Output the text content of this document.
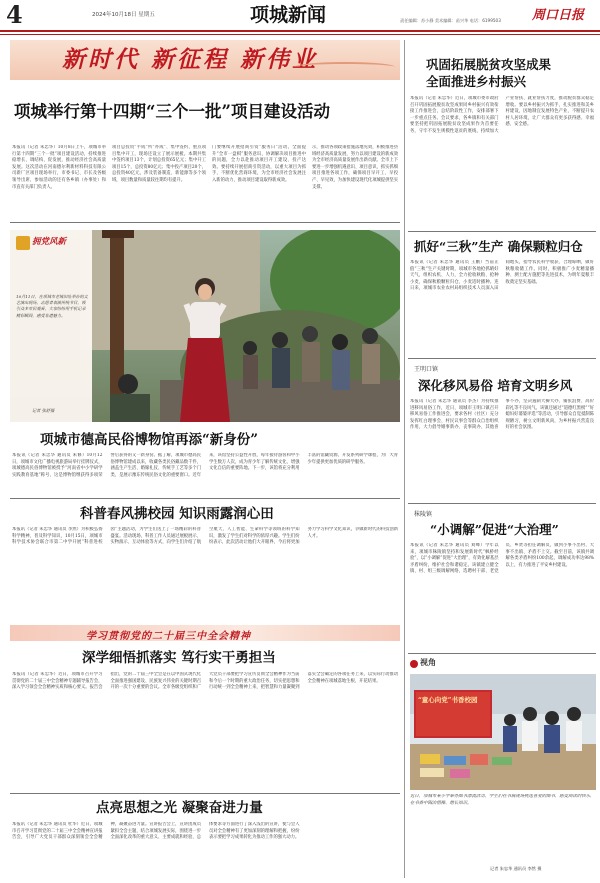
4	2024年10月18日 星期五	项城新闻	责任编辑：苏小静 美术编辑：苗兴华 电话：6199503 周口日报
新时代 新征程 新伟业
项城举行第十四期“三个一批”项目建设活动
本报讯（记者 朱忠华）10月8日上午，项城市举行第十四期“三个一批”项目建设活动，持续推进稳增长、调结构、促发展，推动经济社会高质量发展。这次活动在河南德尔利新材料科技有限公司新厂区项目现场举行，市委书记、市长及各级领导出席，参加活动的还有各乡镇（办事处）和市直有关部门负责人。
项目总投资“半成”所“办成”、集中签约、重点项目集中开工，现场还设立了展示展板。本期共集中签约项目13个，计划总投资65亿元；集中开工项目15个，总投资80亿元；集中投产项目20个，总投资40亿元，涉及装备制造、新能源等多个领域，项目数量和质量较往期均有提升。
门要继续开展招商引资“服务日”活动，全面提升“全市一盘棋”服务意识，协调解决项目推进中的问题，全力以赴推动项目开工建设、投产达效。要持续开展招商引资活动，以重大项目为抓手，不断优化营商环境，为全市经济社会发展注入新的动力，推动项目建设取得新成效。
示，推动各项政策措施落地见效，积极推进县域经济高质量发展，努力以项目建设的新成效为全市经济高质量发展作出新贡献。全市上下要进一步增强机遇意识、项目意识，抓实抓细项目推进各项工作，确保项目早开工、早投产、早见效，为加快建设现代化项城提供坚实支撑。
拥党风新
10月11日，在项城市老城旧址举办的文艺演出现场，志愿者表演传统节目，吸引众多市民观看，大家纷纷用手机记录精彩瞬间，感受非遗魅力。
记者 张舒摄
项城市德高民俗博物馆再添“新身份”
本报讯（记者 朱忠华 通讯员 朱修）10月12日，项城市文化广播电视旅游局举行挂牌仪式，项城德高民俗博物馆被授予“河南省中小学研学实践教育基地”称号，这是博物馆继获得多项荣誉后获得的又一新身份。据了解，项城市德高民俗博物馆建成以来，收藏各类民俗藏品数千件，涵盖生产生活、婚嫁礼仪、传统手工艺等多个门类，是展示豫东传统民俗文化的重要窗口。近年来，该馆坚持公益性开放，每年接待游客和中小学生数万人次，成为青少年了解传统文化、增强文化自信的重要阵地。下一步，该馆将充分利用丰富的馆藏资源，开发系列研学课程，为广大青少年提供更加优质的研学服务。
科普春风拂校园 知识雨露润心田
本报讯（记者 朱忠华 通讯员 李然）为积极弘扬科学精神，普及科学知识，10月15日，项城市科学技术协会联合市第二中学开展“科普进校园”主题活动，为学生们送上了一场精彩的科普盛宴。活动现场，科普工作人员通过展板展示、实物演示、互动体验等方式，向学生们介绍了航空航天、人工智能、生命科学等领域的科学知识，激发了学生们对科学的浓厚兴趣。学生们纷纷表示，此次活动让他们大开眼界，今后将更加努力学习科学文化知识，争做新时代的科技创新人才。
学习贯彻党的二十届三中全会精神
深学细悟抓落实 笃行实干勇担当
本报讯（记者 朱忠华）近日，项城市召开学习贯彻党的二十届三中全会精神专题辅导报告会，深入学习领会全会精神实质和核心要义。报告会指出，党的二十届三中全会是在以中国式现代化全面推进强国建设、民族复兴伟业的关键时期召开的一次十分重要的会议。全市各级党组织和广大党员干部要把学习宣传贯彻全会精神作为当前和今后一个时期的重大政治任务，切实把思想和行动统一到全会精神上来，把智慧和力量凝聚到落实全会确定的各项任务上来，以实际行动推动全会精神在项城落地生根、开花结果。
点亮思想之光 凝聚奋进力量
本报讯（记者 朱忠华 通讯员 杜华）近日，项城市召开学习贯彻党的二十届三中全会精神宣讲报告会，引导广大党员干部群众深刻领会全会精神，凝聚奋进力量。宣讲报告会上，宣讲团成员紧扣全会主题，结合项城发展实际，围绕进一步全面深化改革的重大意义、主要成就和经验、总体要求等方面进行了深入浅出的宣讲，使与会人员对全会精神有了更加深刻的理解和把握，纷纷表示要把学习成果转化为推动工作的强大动力。
巩固拓展脱贫攻坚成果
全面推进乡村振兴
本报讯（记者 朱忠华）近日，项城市委市政府召开巩固拓展脱贫攻坚成果同乡村振兴有效衔接工作推进会，总结阶段性工作，安排部署下一步重点任务。会议要求，各乡镇和有关部门要坚持把巩固拓展脱贫攻坚成果作为首要任务，守牢不发生规模性返贫的底线，持续加大产业帮扶、就业帮扶力度，推动脱贫群众稳定增收。要以乡村振兴为抓手，扎实推进和美乡村建设，因地制宜发展特色产业，不断提升农村人居环境，让广大群众有更多获得感、幸福感、安全感。
抓好“三秋”生产 确保颗粒归仓
本报讯（记者 朱忠华 通讯员 王鹏）当前正值“三秋”生产关键时期，项城市各地抢抓晴好天气，组织农机、人力，全力抢收秋粮、抢种小麦，确保秋粮颗粒归仓、小麦适时播种。连日来，项城市农业农村局组织技术人员深入田间地头，指导农民科学收获、合理晾晒，做好秋粮收储工作。同时，积极推广小麦精量播种、测土配方施肥等先进技术，为明年夏粮丰收奠定坚实基础。
王明口镇
深化移风易俗 培育文明乡风
本报讯（记者 朱忠华 通讯员 李杰）为持续推进移风易俗工作，近日，项城市王明口镇召开移风易俗工作推进会，要求各村（社区）充分发挥红白理事会、村民议事会等群众自治组织作用，大力倡导婚事新办、丧事简办、其他喜事不办，坚决遏制大操大办、铺张浪费、高价彩礼等不良风气。该镇还通过“道德红黑榜”“好媳妇好婆婆评选”等活动，引导群众自觉抵制陈规陋习，树立文明新风尚，为乡村振兴营造良好的社会氛围。
秣陵镇
“小调解”促进“大治理”
本报讯（记者 朱忠华 通讯员 刘峰）今年以来，项城市秣陵镇坚持和发展新时代“枫桥经验”，以“小调解”促进“大治理”，有效化解基层矛盾纠纷，维护社会和谐稳定。该镇建立健全镇、村、组三级调解网络，选聘村干部、老党员、乡贤等担任调解员，做到小事不出村、大事不出镇、矛盾不上交。截至目前，该镇共调解各类矛盾纠纷100余起，调解成功率达98%以上，有力推进了平安乡村建设。
视角
“童心向党”书香校园
近日，项城市某小学举办图书漂流活动，学生们在书展现场挑选喜爱的图书，感受阅读的快乐，在书香中陶冶情操、增长知识。
记者 朱忠华 通讯员 李然 摄
